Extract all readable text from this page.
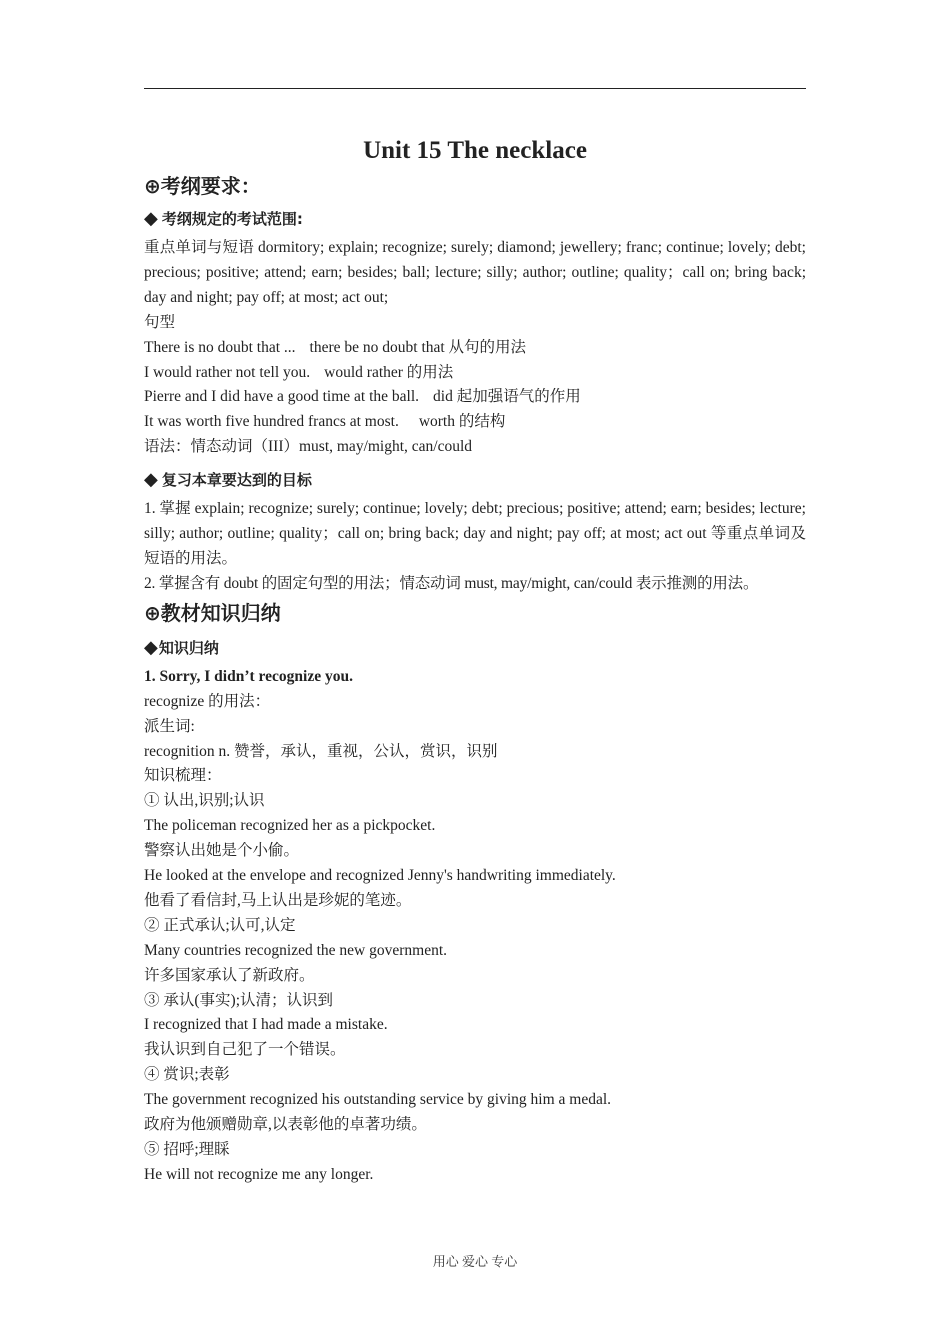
Unit 15 The necklace
⊕考纲要求：
◆ 考纲规定的考试范围:

重点单词与短语 dormitory; explain; recognize; surely; diamond; jewellery; franc; continue; lovely; debt; precious; positive; attend; earn; besides; ball; lecture; silly; author; outline; quality；call on; bring back; day and night; pay off; at most; act out;

句型

There is no doubt that ... there be no doubt that 从句的用法

I would rather not tell you. would rather 的用法

Pierre and I did have a good time at the ball. did 起加强语气的作用

It was worth five hundred francs at most. worth 的结构

语法：情态动词（III）must, may/might, can/could

◆ 复习本章要达到的目标

1. 掌握 explain; recognize; surely; continue; lovely; debt; precious; positive; attend; earn; besides; lecture; silly; author; outline; quality；call on; bring back; day and night; pay off; at most; act out 等重点单词及短语的用法。

2. 掌握含有 doubt 的固定句型的用法；情态动词 must, may/might, can/could 表示推测的用法。

⊕教材知识归纳
◆知识归纳

1. Sorry, I didn’t recognize you.

recognize 的用法：

派生词:

recognition n. 赞誉，承认，重视，公认，赏识，识别

知识梳理：

① 认出,识别;认识

The policeman recognized her as a pickpocket.

警察认出她是个小偷。

He looked at the envelope and recognized Jenny's handwriting immediately.

他看了看信封,马上认出是珍妮的笔迹。

② 正式承认;认可,认定

Many countries recognized the new government.

许多国家承认了新政府。

③ 承认(事实);认清；认识到

I recognized that I had made a mistake.

我认识到自己犯了一个错误。

④ 赏识;表彰

The government recognized his outstanding service by giving him a medal.

政府为他颁赠勋章,以表彰他的卓著功绩。

⑤ 招呼;理睬

He will not recognize me any longer.

用心 爱心 专心
